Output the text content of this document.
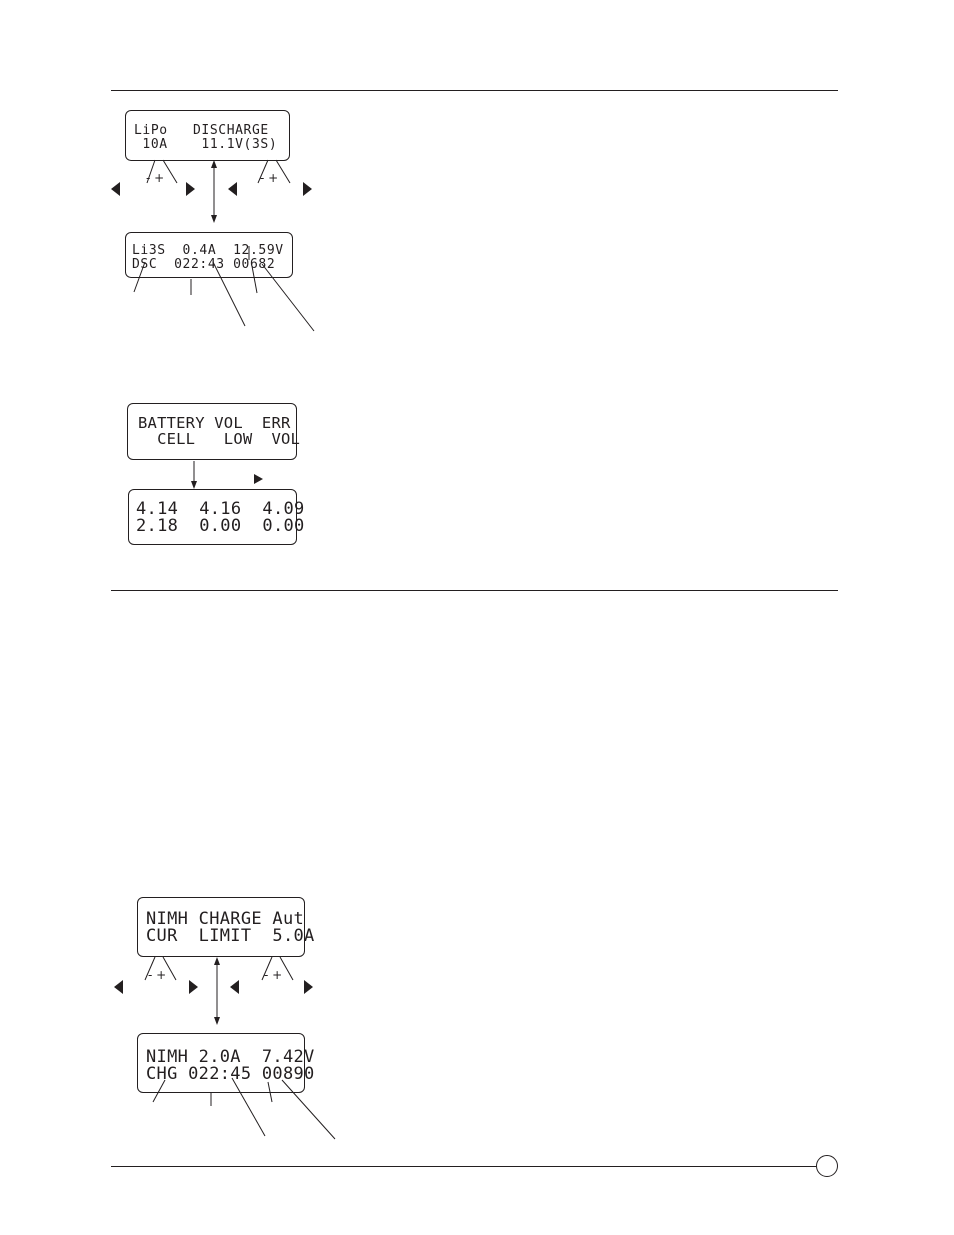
LiPo   DISCHARGE
10A    11.1V(3S)
Li3S  0.4A  12.59V
DSC  022:43 00682
BATTERY VOL  ERR
CELL   LOW  VOL
4.14  4.16  4.09
2.18  0.00  0.00
NIMH CHARGE Aut
CUR  LIMIT  5.0A
NIMH 2.0A  7.42V
CHG 022:45 00890
- +	- +
- +	- +
